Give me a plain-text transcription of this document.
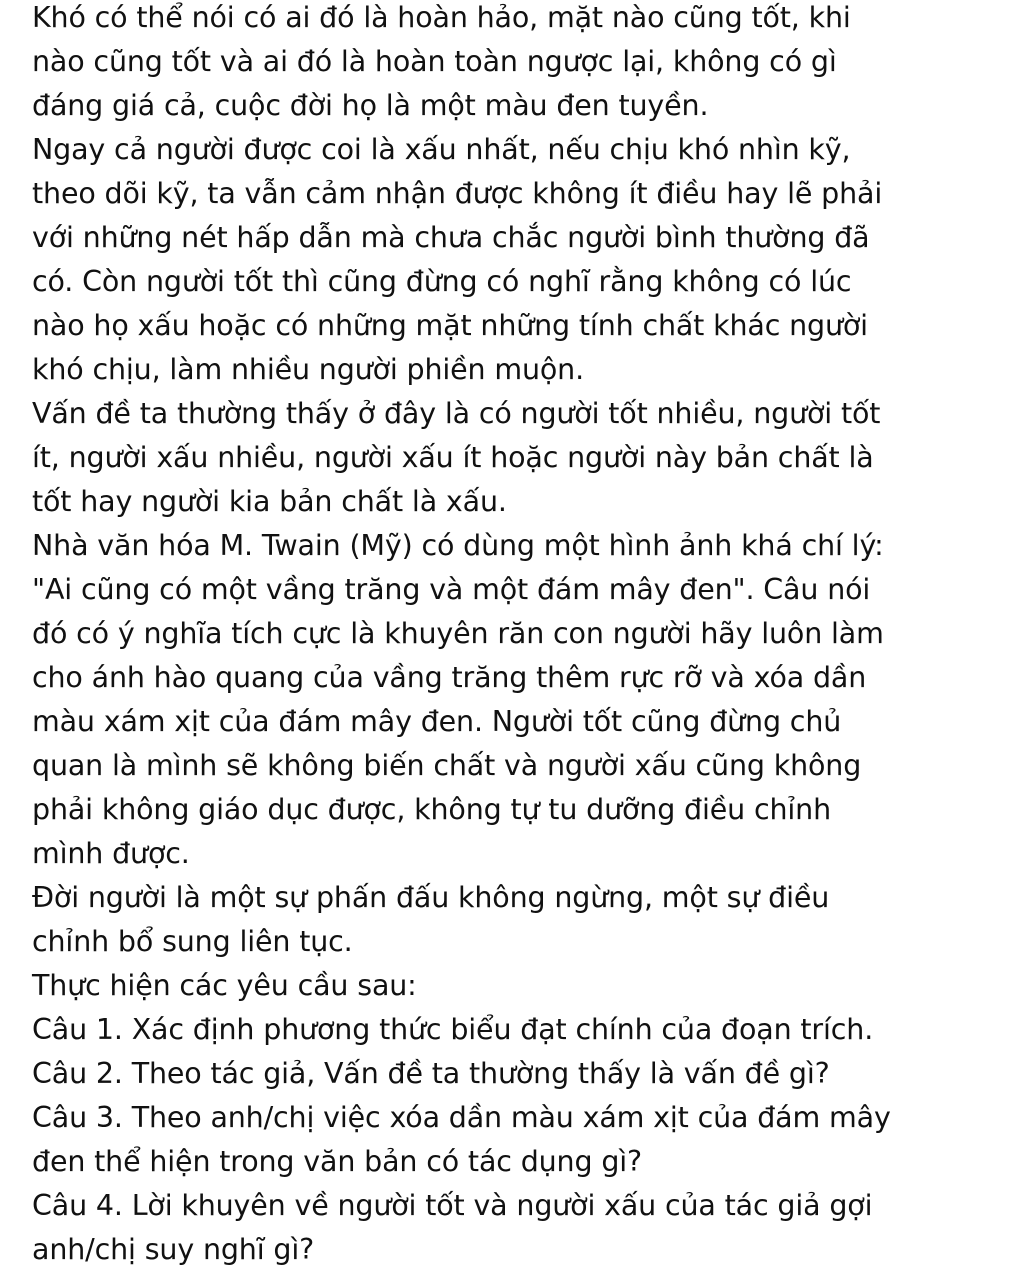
Khó có thể nói có ai đó là hoàn hảo, mặt nào cũng tốt, khi
nào cũng tốt và ai đó là hoàn toàn ngược lại, không có gì
đáng giá cả, cuộc đời họ là một màu đen tuyền.
Ngay cả người được coi là xấu nhất, nếu chịu khó nhìn kỹ,
theo dõi kỹ, ta vẫn cảm nhận được không ít điều hay lẽ phải
với những nét hấp dẫn mà chưa chắc người bình thường đã
có. Còn người tốt thì cũng đừng có nghĩ rằng không có lúc
nào họ xấu hoặc có những mặt những tính chất khác người
khó chịu, làm nhiều người phiền muộn.
Vấn đề ta thường thấy ở đây là có người tốt nhiều, người tốt
ít, người xấu nhiều, người xấu ít hoặc người này bản chất là
tốt hay người kia bản chất là xấu.
Nhà văn hóa M. Twain (Mỹ) có dùng một hình ảnh khá chí lý:
"Ai cũng có một vầng trăng và một đám mây đen". Câu nói
đó có ý nghĩa tích cực là khuyên răn con người hãy luôn làm
cho ánh hào quang của vầng trăng thêm rực rỡ và xóa dần
màu xám xịt của đám mây đen. Người tốt cũng đừng chủ
quan là mình sẽ không biến chất và người xấu cũng không
phải không giáo dục được, không tự tu dưỡng điều chỉnh
mình được.
Đời người là một sự phấn đấu không ngừng, một sự điều
chỉnh bổ sung liên tục.
Thực hiện các yêu cầu sau:
Câu 1. Xác định phương thức biểu đạt chính của đoạn trích.
Câu 2. Theo tác giả, Vấn đề ta thường thấy là vấn đề gì?
Câu 3. Theo anh/chị việc xóa dần màu xám xịt của đám mây
đen thể hiện trong văn bản có tác dụng gì?
Câu 4. Lời khuyên về người tốt và người xấu của tác giả gợi
anh/chị suy nghĩ gì?
